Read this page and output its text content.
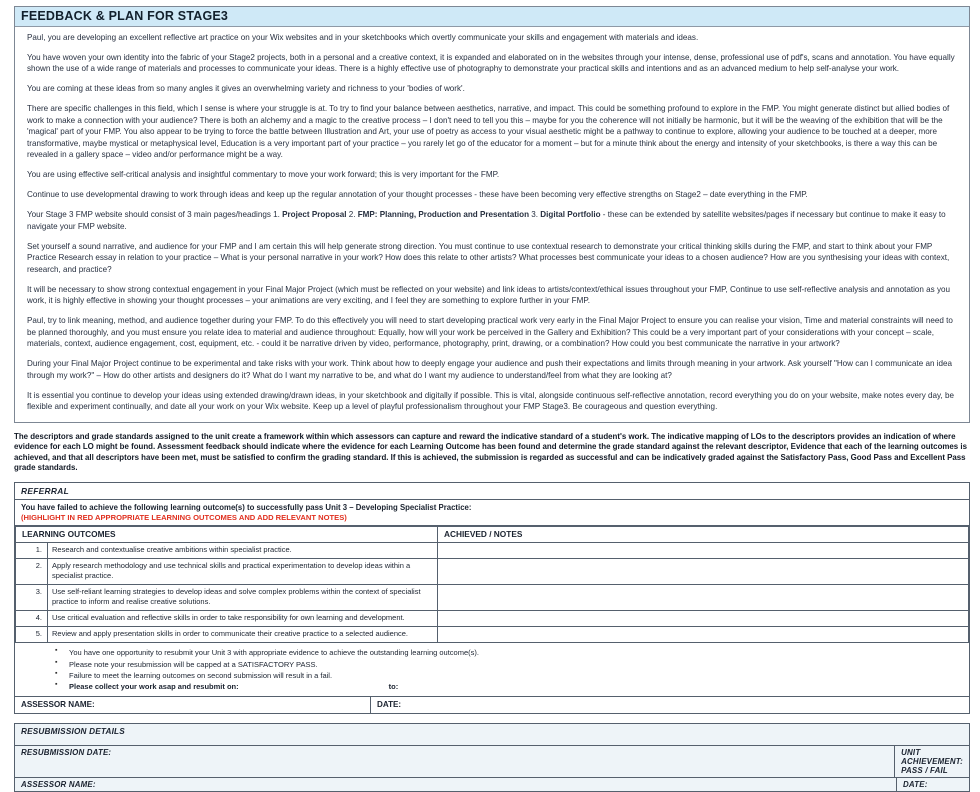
FEEDBACK & PLAN FOR STAGE3

Paul, you are developing an excellent reflective art practice on your Wix websites and in your sketchbooks which overtly communicate your skills and engagement with materials and ideas.

You have woven your own identity into the fabric of your Stage2 projects, both in a personal and a creative context, it is expanded and elaborated on in the websites through your intense, dense, professional use of pdf's, scans and annotation. You have equally shown the use of a wide range of materials and processes to communicate your ideas. There is a highly effective use of photography to demonstrate your practical skills and intentions and as an advanced medium to help self-analyse your work.

You are coming at these ideas from so many angles it gives an overwhelming variety and richness to your 'bodies of work'.

There are specific challenges in this field, which I sense is where your struggle is at. To try to find your balance between aesthetics, narrative, and impact. This could be something profound to explore in the FMP. You might generate distinct but allied bodies of work to make a connection with your audience? There is both an alchemy and a magic to the creative process – I don't need to tell you this – maybe for you the coherence will not initially be harmonic, but it will be the weaving of the exhibition that will be the 'magical' part of your FMP. You also appear to be trying to force the battle between Illustration and Art, your use of poetry as access to your visual aesthetic might be a pathway to continue to explore, allowing your audience to be touched at a deeper, more transformative, maybe mystical or metaphysical level, Education is a very important part of your practice – you rarely let go of the educator for a moment – but for a minute think about the energy and intensity of your sketchbooks, is there a way this can be revealed in a gallery space – video and/or performance might be a way.

You are using effective self-critical analysis and insightful commentary to move your work forward; this is very important for the FMP.

Continue to use developmental drawing to work through ideas and keep up the regular annotation of your thought processes - these have been becoming very effective strengths on Stage2 – date everything in the FMP.

Your Stage 3 FMP website should consist of 3 main pages/headings 1. Project Proposal 2. FMP: Planning, Production and Presentation 3. Digital Portfolio - these can be extended by satellite websites/pages if necessary but continue to make it easy to navigate your FMP website.

Set yourself a sound narrative, and audience for your FMP and I am certain this will help generate strong direction. You must continue to use contextual research to demonstrate your critical thinking skills during the FMP, and start to think about your FMP Practice Research essay in relation to your practice – What is your personal narrative in your work? How does this relate to other artists? What processes best communicate your ideas to a chosen audience? How are you synthesising your ideas with context, research, and practice?

It will be necessary to show strong contextual engagement in your Final Major Project (which must be reflected on your website) and link ideas to artists/context/ethical issues throughout your FMP, Continue to use self-reflective analysis and annotation as you work, it is highly effective in showing your thought processes – your animations are very exciting, and I feel they are something to explore further in your FMP.

Paul, try to link meaning, method, and audience together during your FMP. To do this effectively you will need to start developing practical work very early in the Final Major Project to ensure you can realise your vision, Time and material constraints will need to be planned thoroughly, and you must ensure you relate idea to material and audience throughout: Equally, how will your work be perceived in the Gallery and Exhibition? This could be a very important part of your considerations with your concept – scale, materials, context, audience engagement, cost, equipment, etc. - could it be narrative driven by video, performance, photography, print, drawing, or a combination? How could you best communicate the narrative in your artwork?

During your Final Major Project continue to be experimental and take risks with your work. Think about how to deeply engage your audience and push their expectations and limits through meaning in your artwork. Ask yourself "How can I communicate an idea through my work?" – How do other artists and designers do it? What do I want my narrative to be, and what do I want my audience to understand/feel from what they are looking at?

It is essential you continue to develop your ideas using extended drawing/drawn ideas, in your sketchbook and digitally if possible. This is vital, alongside continuous self-reflective annotation, record everything you do on your website, make notes every day, be flexible and experiment continually, and date all your work on your Wix website. Keep up a level of playful professionalism throughout your FMP Stage3. Be courageous and question everything.

The descriptors and grade standards assigned to the unit create a framework within which assessors can capture and reward the indicative standard of a student's work. The indicative mapping of LOs to the descriptors provides an indication of where evidence for each LO might be found. Assessment feedback should indicate where the evidence for each Learning Outcome has been found and determine the grade standard against the relevant descriptor, Evidence that each of the learning outcomes is achieved, and that all descriptors have been met, must be satisfied to confirm the grading standard. If this is achieved, the submission is regarded as successful and can be indicatively graded against the Satisfactory Pass, Good Pass and Excellent Pass grade standards.
REFERRAL
You have failed to achieve the following learning outcome(s) to successfully pass Unit 3 – Developing Specialist Practice:
(HIGHLIGHT IN RED APPROPRIATE LEARNING OUTCOMES AND ADD RELEVANT NOTES)
LEARNING OUTCOMES		ACHIEVED / NOTES
1.	Research and contextualise creative ambitions within specialist practice.	
2.	Apply research methodology and use technical skills and practical experimentation to develop ideas within a specialist practice.	
3.	Use self-reliant learning strategies to develop ideas and solve complex problems within the context of specialist practice to inform and realise creative solutions.	
4.	Use critical evaluation and reflective skills in order to take responsibility for own learning and development.	
5.	Review and apply presentation skills in order to communicate their creative practice to a selected audience.	
▪ You have one opportunity to resubmit your Unit 3 with appropriate evidence to achieve the outstanding learning outcome(s).
▪ Please note your resubmission will be capped at a SATISFACTORY PASS.
▪ Failure to meet the learning outcomes on second submission will result in a fail.
▪ Please collect your work asap and resubmit on:	to:
ASSESSOR NAME:	DATE:
RESUBMISSION DETAILS
RESUBMISSION DATE:	UNIT ACHIEVEMENT: PASS / FAIL
ASSESSOR NAME:	DATE:
